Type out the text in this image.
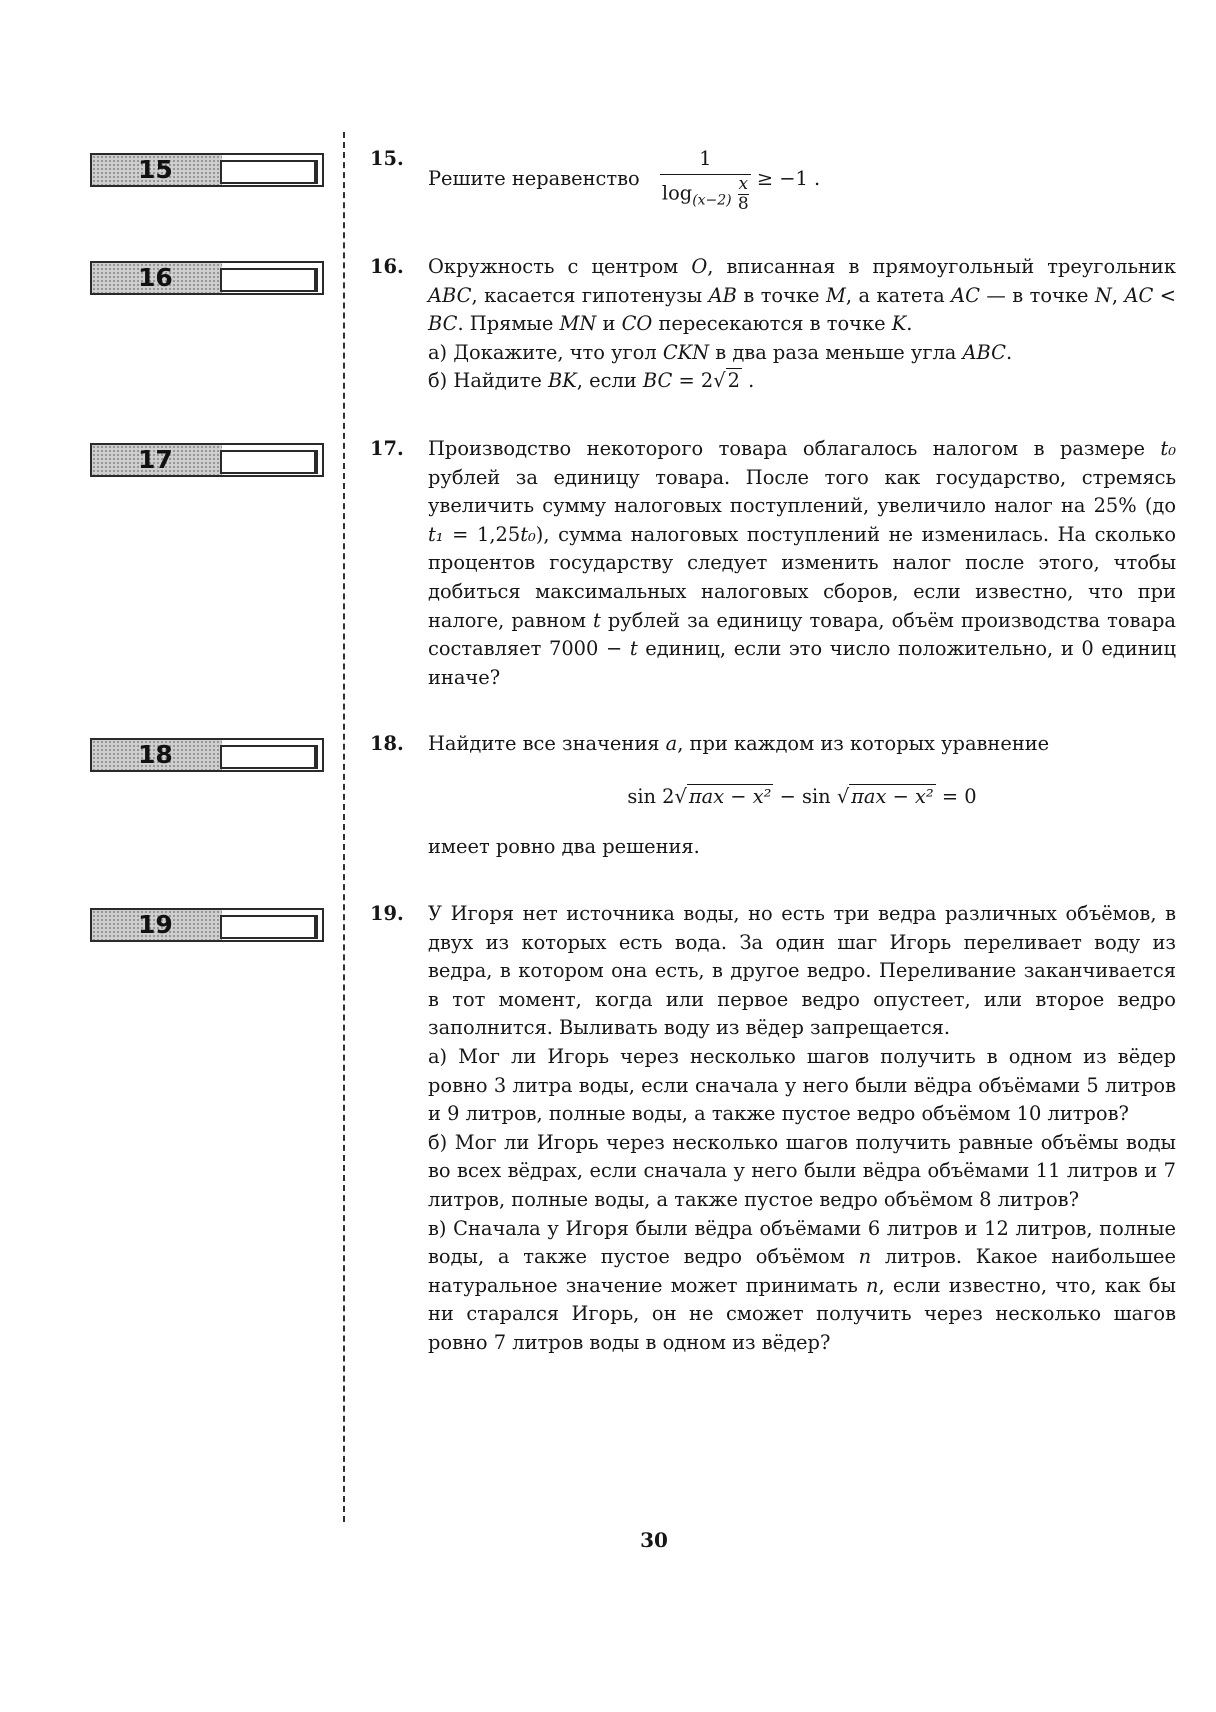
15
16
17
18
19
15.
Решите неравенство $\frac{1}{\log_{(x-2)} \frac{x}{8}} \ge -1$ .
16. Окружность с центром O, вписанная в прямоугольный треугольник ABC, касается гипотенузы AB в точке M, а катета AC — в точке N, AC < BC. Прямые MN и CO пересекаются в точке K.

а) Докажите, что угол CKN в два раза меньше угла ABC.

б) Найдите BK, если BC = 2√ 2 .

17. Производство некоторого товара облагалось налогом в размере t₀ рублей за единицу товара. После того как государство, стремясь увеличить сумму налоговых поступлений, увеличило налог на 25% (до t₁ = 1,25t₀), сумма налоговых поступлений не изменилась. На сколько процентов государству следует изменить налог после этого, чтобы добиться максимальных налоговых сборов, если известно, что при налоге, равном t рублей за единицу товара, объём производства товара составляет 7000 − t единиц, если это число положительно, и 0 единиц иначе?

18. Найдите все значения a, при каждом из которых уравнение

sin 2√ πax − x² − sin √ πax − x² = 0

имеет ровно два решения.

19. У Игоря нет источника воды, но есть три ведра различных объёмов, в двух из которых есть вода. За один шаг Игорь переливает воду из ведра, в котором она есть, в другое ведро. Переливание заканчивается в тот момент, когда или первое ведро опустеет, или второе ведро заполнится. Выливать воду из вёдер запрещается.

а) Мог ли Игорь через несколько шагов получить в одном из вёдер ровно 3 литра воды, если сначала у него были вёдра объёмами 5 литров и 9 литров, полные воды, а также пустое ведро объёмом 10 литров?

б) Мог ли Игорь через несколько шагов получить равные объёмы воды во всех вёдрах, если сначала у него были вёдра объёмами 11 литров и 7 литров, полные воды, а также пустое ведро объёмом 8 литров?

в) Сначала у Игоря были вёдра объёмами 6 литров и 12 литров, полные воды, а также пустое ведро объёмом n литров. Какое наибольшее натуральное значение может принимать n, если известно, что, как бы ни старался Игорь, он не сможет получить через несколько шагов ровно 7 литров воды в одном из вёдер?

30
